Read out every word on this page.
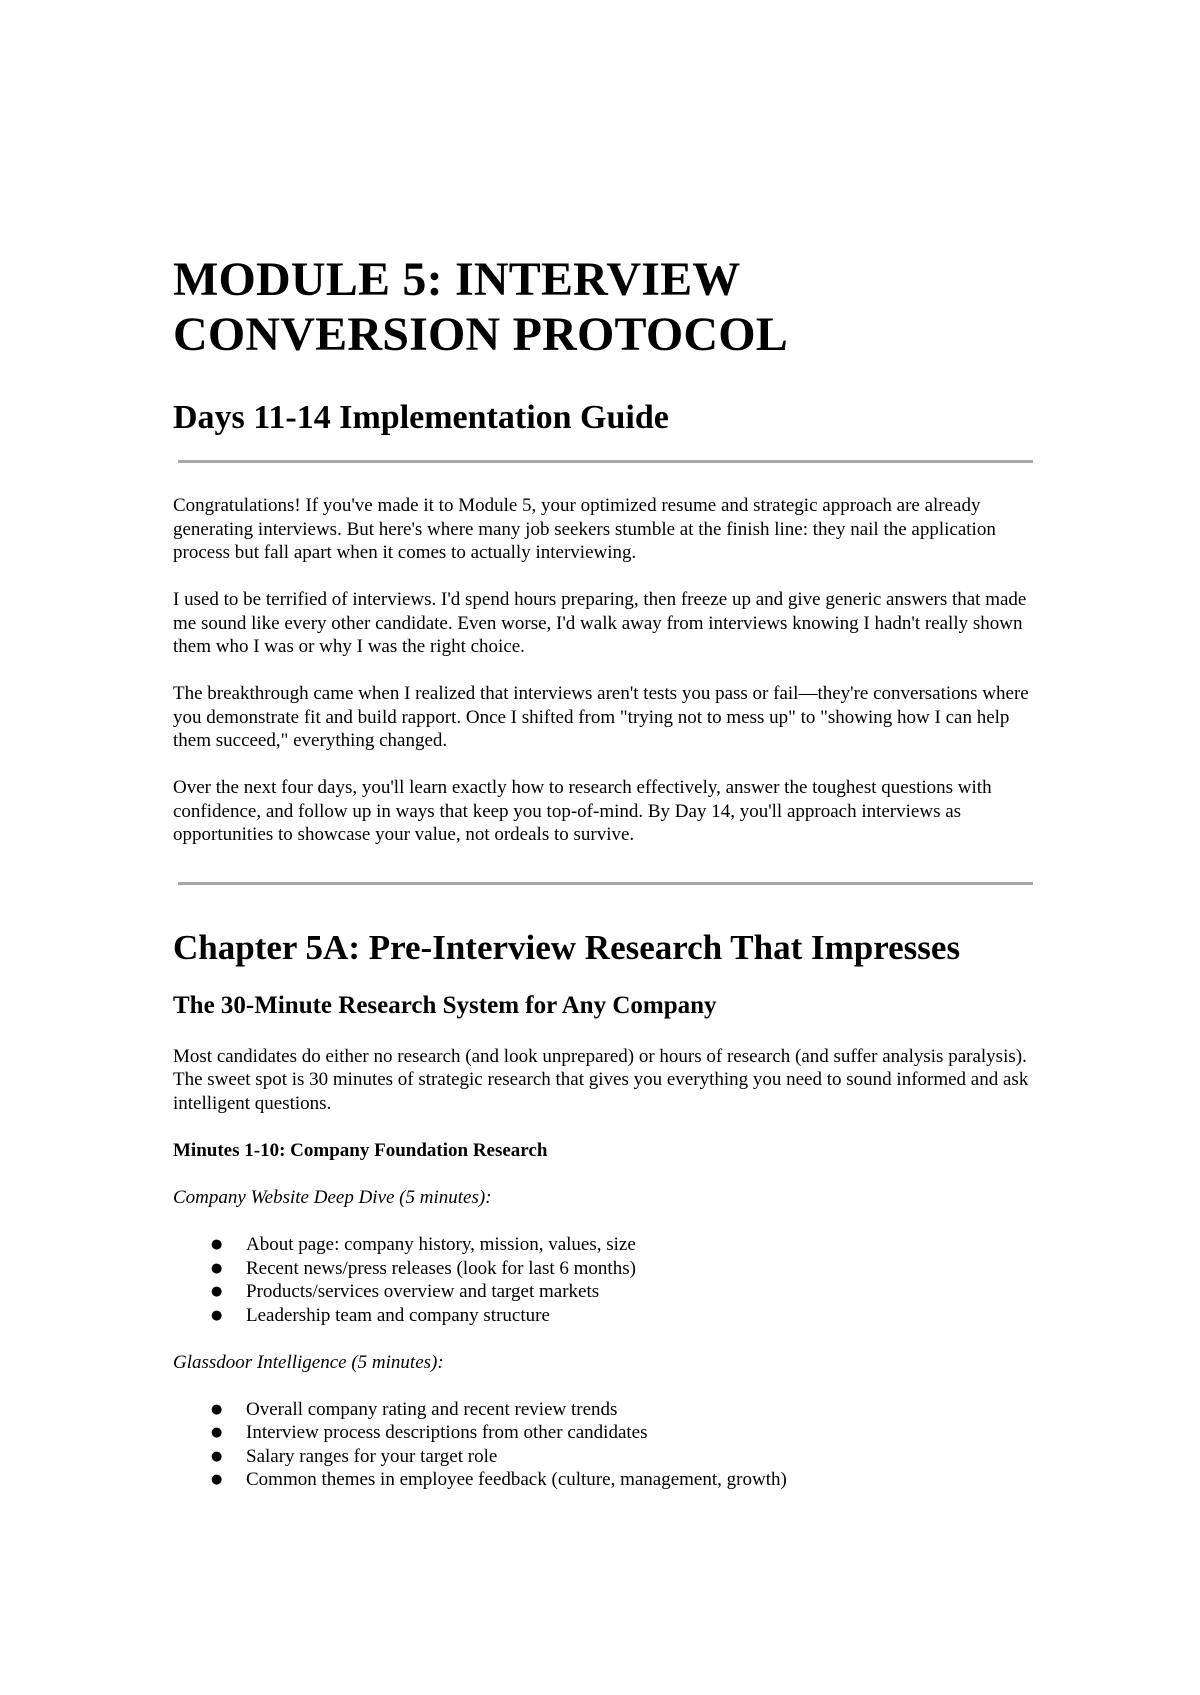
MODULE 5: INTERVIEW CONVERSION PROTOCOL
Days 11-14 Implementation Guide

Congratulations! If you've made it to Module 5, your optimized resume and strategic approach are already generating interviews. But here's where many job seekers stumble at the finish line: they nail the application process but fall apart when it comes to actually interviewing.

I used to be terrified of interviews. I'd spend hours preparing, then freeze up and give generic answers that made me sound like every other candidate. Even worse, I'd walk away from interviews knowing I hadn't really shown them who I was or why I was the right choice.

The breakthrough came when I realized that interviews aren't tests you pass or fail—they're conversations where you demonstrate fit and build rapport. Once I shifted from "trying not to mess up" to "showing how I can help them succeed," everything changed.

Over the next four days, you'll learn exactly how to research effectively, answer the toughest questions with confidence, and follow up in ways that keep you top-of-mind. By Day 14, you'll approach interviews as opportunities to showcase your value, not ordeals to survive.

Chapter 5A: Pre-Interview Research That Impresses
The 30-Minute Research System for Any Company

Most candidates do either no research (and look unprepared) or hours of research (and suffer analysis paralysis). The sweet spot is 30 minutes of strategic research that gives you everything you need to sound informed and ask intelligent questions.

Minutes 1-10: Company Foundation Research

Company Website Deep Dive (5 minutes):

● About page: company history, mission, values, size
● Recent news/press releases (look for last 6 months)
● Products/services overview and target markets
● Leadership team and company structure

Glassdoor Intelligence (5 minutes):

● Overall company rating and recent review trends
● Interview process descriptions from other candidates
● Salary ranges for your target role
● Common themes in employee feedback (culture, management, growth)
